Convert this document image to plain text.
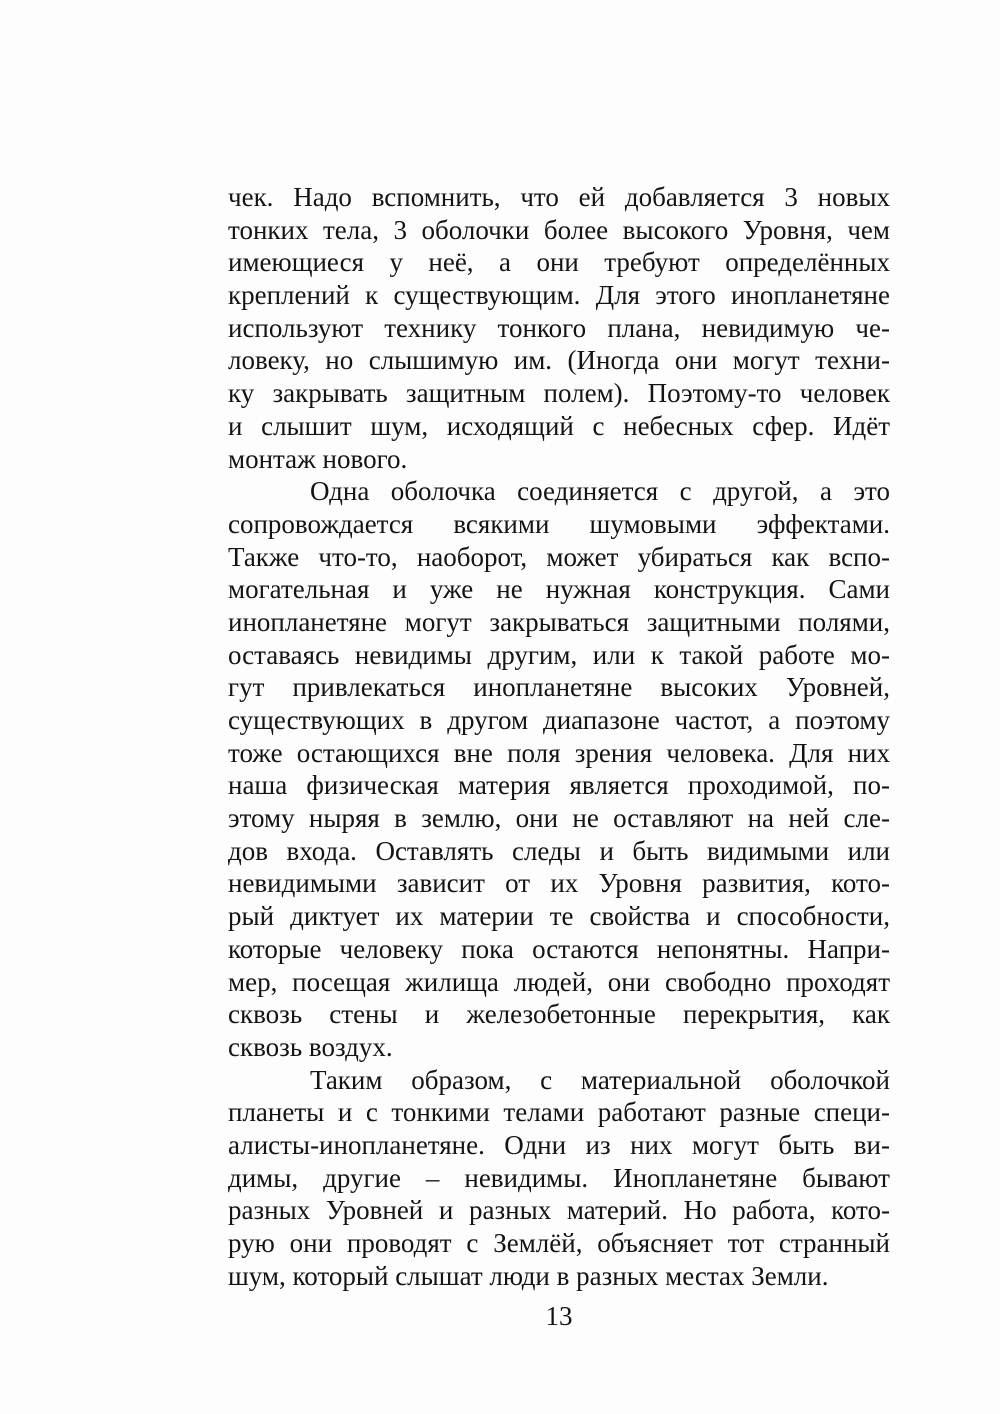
чек. Надо вспомнить, что ей добавляется 3 новых
тонких тела, 3 оболочки более высокого Уровня, чем
имеющиеся у неё, а они требуют определённых
креплений к существующим. Для этого инопланетяне
используют технику тонкого плана, невидимую че-
ловеку, но слышимую им. (Иногда они могут техни-
ку закрывать защитным полем). Поэтому-то человек
и слышит шум, исходящий с небесных сфер. Идёт
монтаж нового.
Одна оболочка соединяется с другой, а это
сопровождается всякими шумовыми эффектами.
Также что-то, наоборот, может убираться как вспо-
могательная и уже не нужная конструкция. Сами
инопланетяне могут закрываться защитными полями,
оставаясь невидимы другим, или к такой работе мо-
гут привлекаться инопланетяне высоких Уровней,
существующих в другом диапазоне частот, а поэтому
тоже остающихся вне поля зрения человека. Для них
наша физическая материя является проходимой, по-
этому ныряя в землю, они не оставляют на ней сле-
дов входа. Оставлять следы и быть видимыми или
невидимыми зависит от их Уровня развития, кото-
рый диктует их материи те свойства и способности,
которые человеку пока остаются непонятны. Напри-
мер, посещая жилища людей, они свободно проходят
сквозь стены и железобетонные перекрытия, как
сквозь воздух.
Таким образом, с материальной оболочкой
планеты и с тонкими телами работают разные специ-
алисты-инопланетяне. Одни из них могут быть ви-
димы, другие – невидимы. Инопланетяне бывают
разных Уровней и разных материй. Но работа, кото-
рую они проводят с Землёй, объясняет тот странный
шум, который слышат люди в разных местах Земли.
13
